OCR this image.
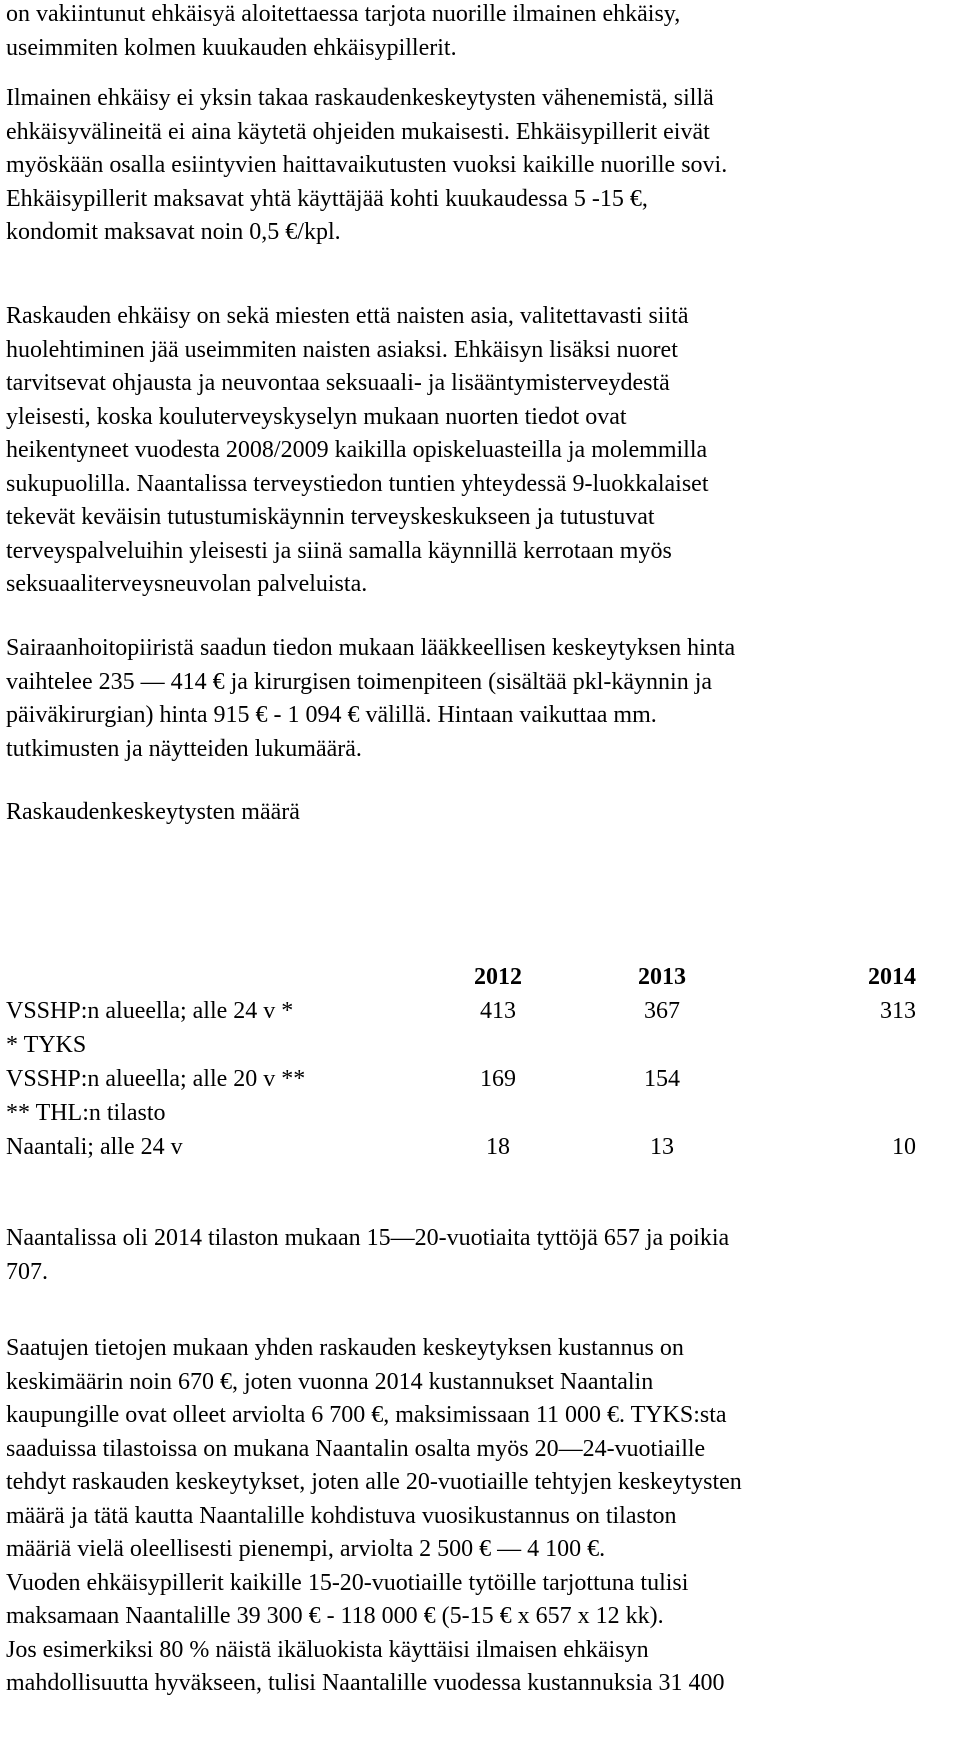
on vakiintunut ehkäisyä aloitettaessa tarjota nuorille ilmainen ehkäisy,
useimmiten kolmen kuukauden ehkäisypillerit.

Ilmainen ehkäisy ei yksin takaa raskaudenkeskeytysten vähenemistä, sillä
ehkäisyvälineitä ei aina käytetä ohjeiden mukaisesti. Ehkäisypillerit eivät
myöskään osalla esiintyvien haittavaikutusten vuoksi kaikille nuorille sovi.
Ehkäisypillerit maksavat yhtä käyttäjää kohti kuukaudessa 5 -15 €,
kondomit maksavat noin 0,5 €/kpl.

Raskauden ehkäisy on sekä miesten että naisten asia, valitettavasti siitä
huolehtiminen jää useimmiten naisten asiaksi. Ehkäisyn lisäksi nuoret
tarvitsevat ohjausta ja neuvontaa seksuaali- ja lisääntymisterveydestä
yleisesti, koska kouluterveyskyselyn mukaan nuorten tiedot ovat
heikentyneet vuodesta 2008/2009 kaikilla opiskeluasteilla ja molemmilla
sukupuolilla. Naantalissa terveystiedon tuntien yhteydessä 9-luokkalaiset
tekevät keväisin tutustumiskäynnin terveyskeskukseen ja tutustuvat
terveyspalveluihin yleisesti ja siinä samalla käynnillä kerrotaan myös
seksuaaliterveysneuvolan palveluista.

Sairaanhoitopiiristä saadun tiedon mukaan lääkkeellisen keskeytyksen hinta
vaihtelee 235 — 414 € ja kirurgisen toimenpiteen (sisältää pkl-käynnin ja
päiväkirurgian) hinta 915 € - 1 094 € välillä. Hintaan vaikuttaa mm.
tutkimusten ja näytteiden lukumäärä.

Raskaudenkeskeytysten määrä

2012	2013	2014
VSSHP:n alueella; alle 24 v *	413	367	313
* TYKS
VSSHP:n alueella; alle 20 v **	169	154
** THL:n tilasto
Naantali; alle 24 v	18	13	10

Naantalissa oli 2014 tilaston mukaan 15—20-vuotiaita tyttöjä 657 ja poikia
707.

Saatujen tietojen mukaan yhden raskauden keskeytyksen kustannus on
keskimäärin noin 670 €, joten vuonna 2014 kustannukset Naantalin
kaupungille ovat olleet arviolta 6 700 €, maksimissaan 11 000 €. TYKS:sta
saaduissa tilastoissa on mukana Naantalin osalta myös 20—24-vuotiaille
tehdyt raskauden keskeytykset, joten alle 20-vuotiaille tehtyjen keskeytysten
määrä ja tätä kautta Naantalille kohdistuva vuosikustannus on tilaston
määriä vielä oleellisesti pienempi, arviolta 2 500 € — 4 100 €.
Vuoden ehkäisypillerit kaikille 15-20-vuotiaille tytöille tarjottuna tulisi
maksamaan Naantalille 39 300 € - 118 000 € (5-15 € x 657 x 12 kk).
Jos esimerkiksi 80 % näistä ikäluokista käyttäisi ilmaisen ehkäisyn
mahdollisuutta hyväkseen, tulisi Naantalille vuodessa kustannuksia 31 400
